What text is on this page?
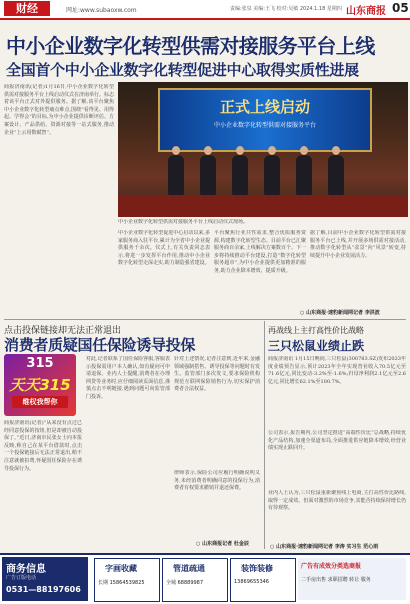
财经	网址:www.subaoxw.com	责编:张泉 美编:王飞 校对:吴敏 2024.1.18 星期四 山东商报 05
中小企业数字化转型供需对接服务平台上线
全国首个中小企业数字化转型促进中心取得实质性进展
商报济南讯(记者)1月16日,中小企业数字化转型供需对接服务平台上线启动仪式在济南举行。标志着该平台正式对外提供服务。据了解,该平台聚焦中小企业数字化转型痛点难点,围绕“看得见、用得起、学得会”的目标,为中小企业提供诊断评估、方案设计、产品供给、资源对接等一站式服务,推动企业“上云用数赋智”。
中小企业数字化转型促进中心启动以来,多家服务商入驻平台,累计为全省中小企业提供服务千余次。仪式上,有关负责同志表示,将进一步发挥平台作用,推动中小企业数字化转型走深走实,助力制造强省建设。
平台聚焦行业共性需求,整合优质服务资源,构建数字化转型生态。目前平台已汇聚服务商百余家,上线解决方案数百个。下一步将持续推动平台建设,打造“数字化转型服务超市”,为中小企业提供更加精准的服务,助力企业降本增效、提质升级。
据了解,目前中小企业数字化转型供需对接服务平台已上线,并开展多场供需对接活动,推动数字化转型从“盆景”向“风景”转变,持续提升中小企业发展活力。
○ 山东商报·速豹新闻网记者 李洪波
正式上线启动
中小企业数字化转型供需对接服务平台
中小企业数字化转型供需对接服务平台上线启动仪式现场。
点击投保链接却无法正常退出
消费者质疑国任保险诱导投保
315
天天315
维权我帮你
商报济南讯(记者)“从来没有点过已经同意投保的按钮,但是却被自动投保了。”近日,济南市民张女士向本报反映,称自己在某平台借款时,点击一个投保链接后无法正常退出,稍不注意就被扣费,怀疑国任保险存在诱导投保行为。
对此,记者联系了国任保险客服,客服表示投保需用户本人确认,如有疑问可申请退保。业内人士提醒,消费者在办理网贷等业务时,应仔细阅读页面信息,谨慎点击不明链接,遇到问题可向监管部门投诉。
针对上述情况,记者注意到,近年来,金融领域强制搭售、诱导投保等问题时有发生。监管部门多次发文,要求保险机构规范互联网保险销售行为,切实保护消费者合法权益。
律师表示,保险公司应履行明确说明义务,未经消费者明确同意的投保行为,消费者有权要求撤销并退还保费。
○ 山东商报记者 杜金辰
再战线上主打高性价比战略
三只松鼠业绩止跌
商报济南讯 1月15日晚间,三只松鼠(300783.SZ)发布2023年度业绩预告显示,预计2023年全年实现营业收入70.5亿元至71.6亿元,同比变动-3.2%至-1.6%;归母净利润2.1亿元至2.6亿元,同比增长62.1%至100.7%。
公司表示,报告期内,公司坚定推进“高端性价比”总战略,持续优化产品结构,加速全渠道布局,全面推进供应链降本增效,经营业绩实现止跌回升。
业内人士认为,三只松鼠重新聚焦线上电商,主打高性价比路线,取得一定成效。但面对激烈的市场竞争,其能否持续保持增长仍有待观察。
○ 山东商报·速豹新闻网记者 李涛 实习生 范心雨
商务信息
广告订版电话
0531—88197606
字画收藏
长期 15864539825
管道疏通
全城 68889987
装饰装修
13869655346
广告有成效分类选商报
二手房出售 求职招聘 转让 服务
